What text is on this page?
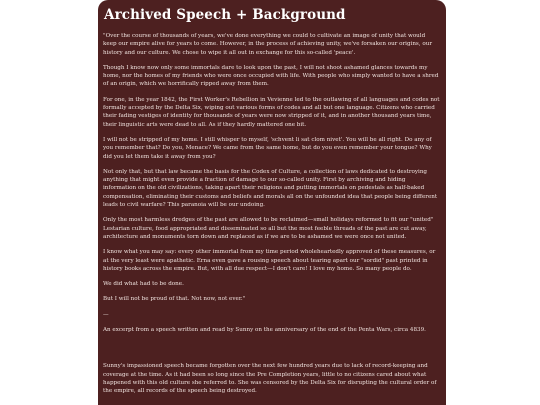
Archived Speech + Background

"Over the course of thousands of years, we've done everything we could to cultivate an image of unity that would keep our empire alive for years to come. However, in the process of achieving unity, we've forsaken our origins, our history and our culture. We chose to wipe it all out in exchange for this so-called 'peace'.

Though I know now only some immortals dare to look upon the past, I will not shoot ashamed glances towards my home, nor the homes of my friends who were once occupied with life. With people who simply wanted to have a shred of an origin, which we horrifically ripped away from them.

For one, in the year 1842, the First Worker's Rebellion in Vevienne led to the outlawing of all languages and codes not formally accepted by the Delta Six, wiping out various forms of codes and all but one language. Citizens who carried their fading vestiges of identity for thousands of years were now stripped of it, and in another thousand years time, their linguistic arts were dead to all. As if they hardly mattered one bit.

I will not be stripped of my home. I still whisper to myself, 'schvent li sat clom nivet'. You will be all right. Do any of you remember that? Do you, Menace? We came from the same home, but do you even remember your tongue? Why did you let them take it away from you?

Not only that, but that law became the basis for the Codex of Culture, a collection of laws dedicated to destroying anything that might even provide a fraction of damage to our so-called unity. First by archiving and hiding information on the old civilizations, taking apart their religions and putting immortals on pedestals as half-baked compensation, eliminating their customs and beliefs and morals all on the unfounded idea that people being different leads to civil warfare? This paranoia will be our undoing.

Only the most harmless dredges of the past are allowed to be reclaimed—small holidays reformed to fit our "united" Lestarian culture, food appropriated and disseminated so all but the most feeble threads of the past are cut away, architecture and monuments torn down and replaced as if we are to be ashamed we were once not united.

I know what you may say: every other immortal from my time period wholeheartedly approved of these measures, or at the very least were apathetic. Erna even gave a rousing speech about tearing apart our "sordid" past printed in history books across the empire. But, with all due respect—I don't care! I love my home. So many people do.

We did what had to be done.

But I will not be proud of that. Not now, not ever."

—

An excerpt from a speech written and read by Sunny on the anniversary of the end of the Penta Wars, circa 4839.

Sunny's impassioned speech became forgotten over the next few hundred years due to lack of record-keeping and coverage at the time. As it had been so long since the Pre Completion years, little to no citizens cared about what happened with this old culture she referred to. She was censored by the Delta Six for disrupting the cultural order of the empire, all records of the speech being destroyed.
